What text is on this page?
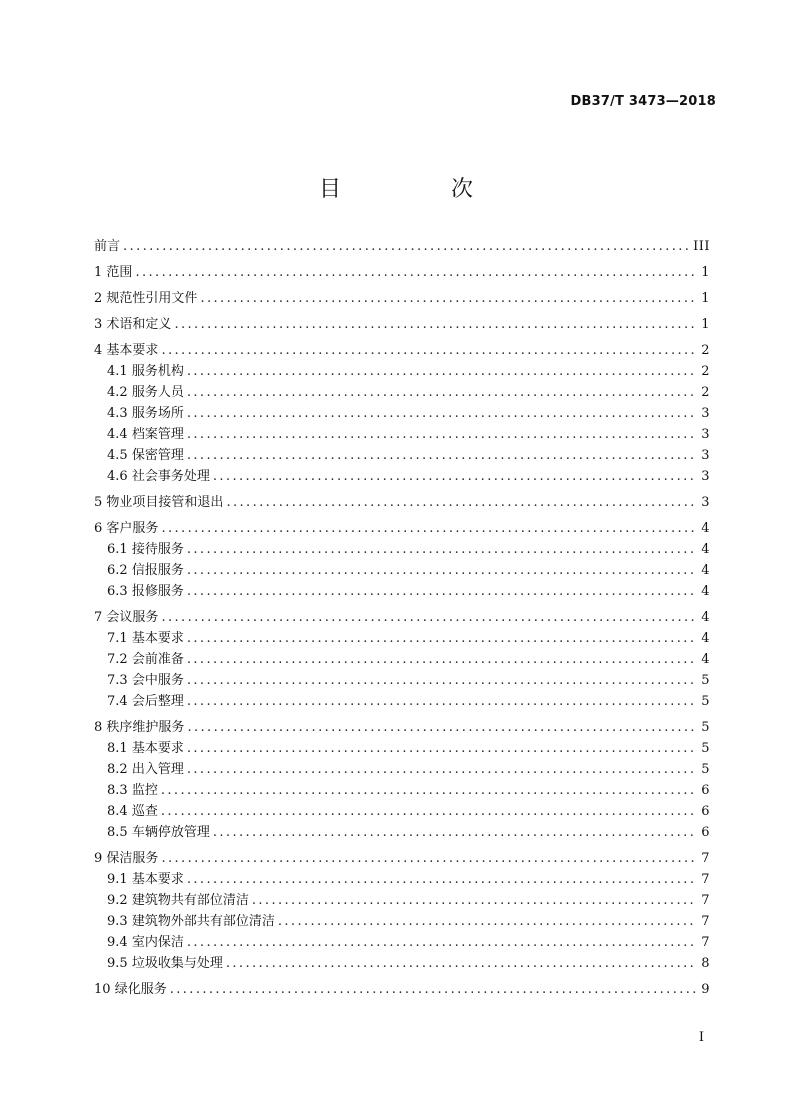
DB37/T 3473—2018
目　次
前言 .....	III
1 范围 .....	1
2 规范性引用文件 .....	1
3 术语和定义 .....	1
4 基本要求 .....	2
4.1 服务机构 .....	2
4.2 服务人员 .....	2
4.3 服务场所 .....	3
4.4 档案管理 .....	3
4.5 保密管理 .....	3
4.6 社会事务处理 .....	3
5 物业项目接管和退出 .....	3
6 客户服务 .....	4
6.1 接待服务 .....	4
6.2 信报服务 .....	4
6.3 报修服务 .....	4
7 会议服务 .....	4
7.1 基本要求 .....	4
7.2 会前准备 .....	4
7.3 会中服务 .....	5
7.4 会后整理 .....	5
8 秩序维护服务 .....	5
8.1 基本要求 .....	5
8.2 出入管理 .....	5
8.3 监控 .....	6
8.4 巡查 .....	6
8.5 车辆停放管理 .....	6
9 保洁服务 .....	7
9.1 基本要求 .....	7
9.2 建筑物共有部位清洁 .....	7
9.3 建筑物外部共有部位清洁 .....	7
9.4 室内保洁 .....	7
9.5 垃圾收集与处理 .....	8
10 绿化服务 .....	9
I
